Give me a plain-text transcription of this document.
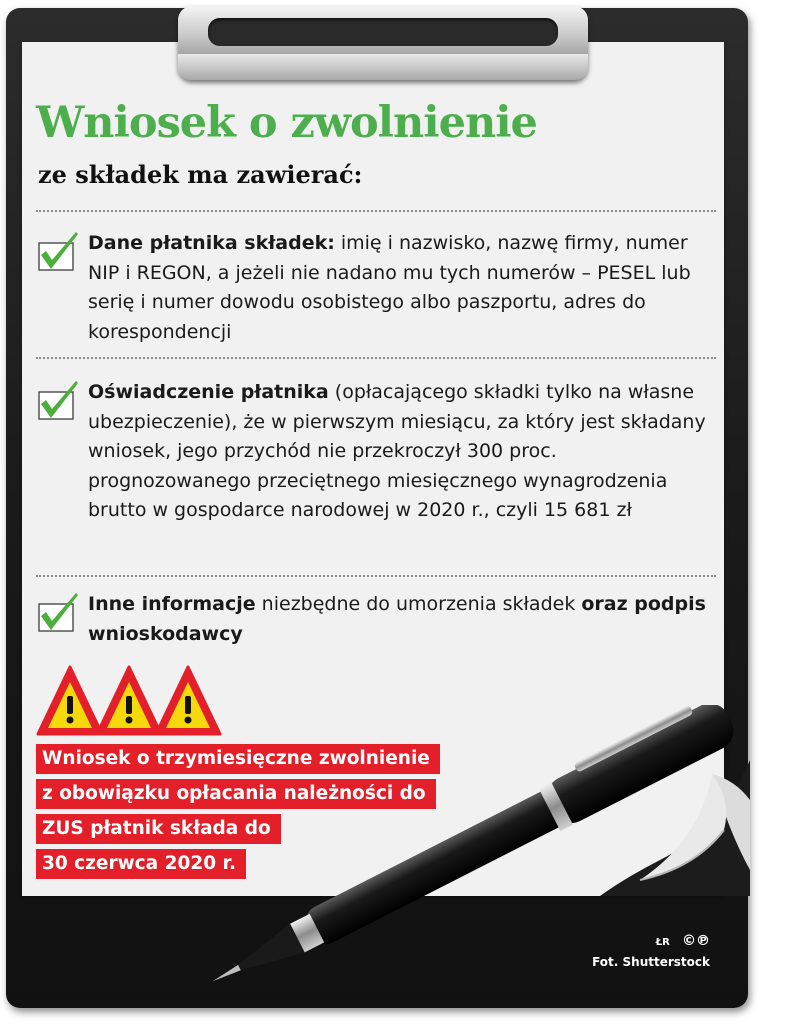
Wniosek o zwolnienie
ze składek ma zawierać:
Dane płatnika składek: imię i nazwisko, nazwę firmy, numer NIP i REGON, a jeżeli nie nadano mu tych numerów – PESEL lub serię i numer dowodu osobistego albo paszportu, adres do korespondencji
Oświadczenie płatnika (opłacającego składki tylko na własne ubezpieczenie), że w pierwszym miesiącu, za który jest składany wniosek, jego przychód nie przekroczył 300 proc. prognozowanego przeciętnego miesięcznego wynagrodzenia brutto w gospodarce narodowej w 2020 r., czyli 15 681 zł
Inne informacje niezbędne do umorzenia składek oraz podpis wnioskodawcy
Wniosek o trzymiesięczne zwolnienie
z obowiązku opłacania należności do
ZUS płatnik składa do
30 czerwca 2020 r.
ŁR ©℗
Fot. Shutterstock
